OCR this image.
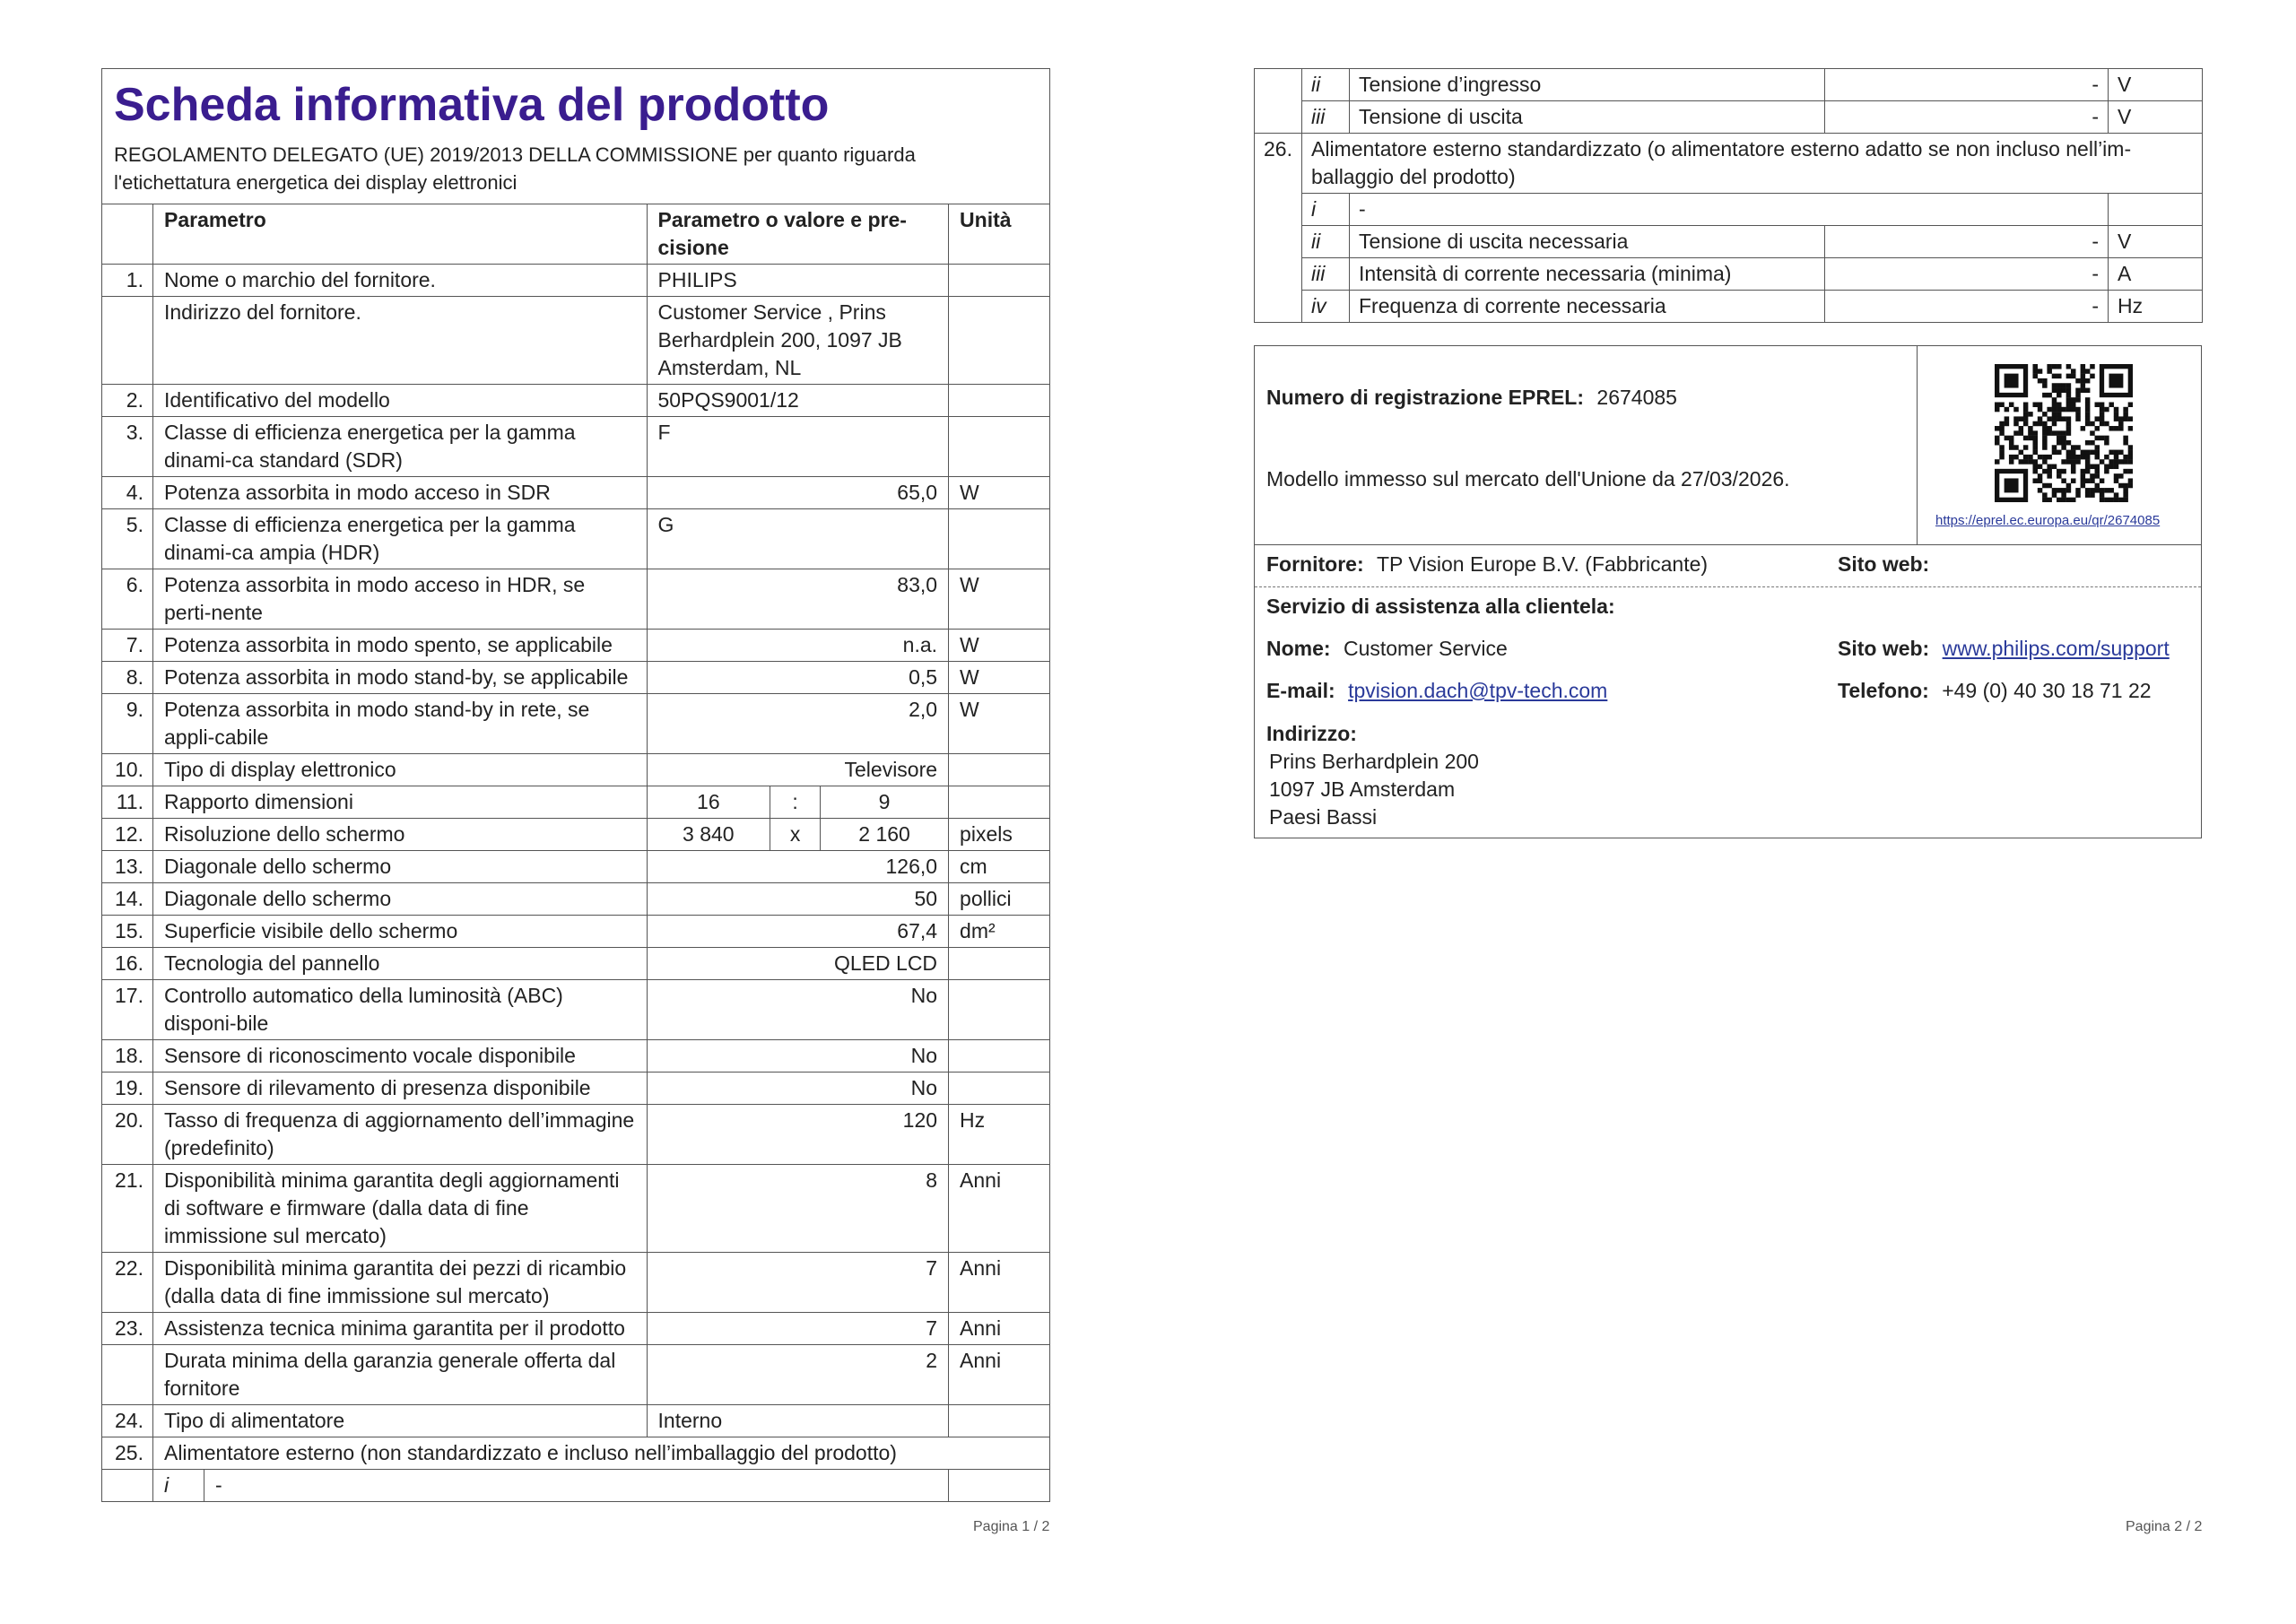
Scheda informativa del prodotto
REGOLAMENTO DELEGATO (UE) 2019/2013 DELLA COMMISSIONE per quanto riguarda l'etichettatura energetica dei display elettronici
	Parametro		Parametro o valore e pre-cisione			Unità
1.	Nome o marchio del fornitore.		PHILIPS			
	Indirizzo del fornitore.		Customer Service , Prins Berhardplein 200, 1097 JB Amsterdam, NL			
2.	Identificativo del modello		50PQS9001/12			
3.	Classe di efficienza energetica per la gamma dinami-ca standard (SDR)		F			
4.	Potenza assorbita in modo acceso in SDR		65,0			W
5.	Classe di efficienza energetica per la gamma dinami-ca ampia (HDR)		G			
6.	Potenza assorbita in modo acceso in HDR, se perti-nente		83,0			W
7.	Potenza assorbita in modo spento, se applicabile		n.a.			W
8.	Potenza assorbita in modo stand-by, se applicabile		0,5			W
9.	Potenza assorbita in modo stand-by in rete, se appli-cabile		2,0			W
10.	Tipo di display elettronico		Televisore			
11.	Rapporto dimensioni		16	:	9	
12.	Risoluzione dello schermo		3 840	x	2 160	pixels
13.	Diagonale dello schermo		126,0			cm
14.	Diagonale dello schermo		50			pollici
15.	Superficie visibile dello schermo		67,4			dm²
16.	Tecnologia del pannello		QLED LCD			
17.	Controllo automatico della luminosità (ABC) disponi-bile		No			
18.	Sensore di riconoscimento vocale disponibile		No			
19.	Sensore di rilevamento di presenza disponibile		No			
20.	Tasso di frequenza di aggiornamento dell’immagine (predefinito)		120			Hz
21.	Disponibilità minima garantita degli aggiornamenti di software e firmware (dalla data di fine immissione sul mercato)		8			Anni
22.	Disponibilità minima garantita dei pezzi di ricambio (dalla data di fine immissione sul mercato)		7			Anni
23.	Assistenza tecnica minima garantita per il prodotto		7			Anni
	Durata minima della garanzia generale offerta dal fornitore		2			Anni
24.	Tipo di alimentatore		Interno			
25.	Alimentatore esterno (non standardizzato e incluso nell’imballaggio del prodotto)					
	i	-				
Pagina 1 / 2
	ii	Tensione d’ingresso	-	V
	iii	Tensione di uscita	-	V
26.	Alimentatore esterno standardizzato (o alimentatore esterno adatto se non incluso nell’im-ballaggio del prodotto)			
	i	-		
	ii	Tensione di uscita necessaria	-	V
	iii	Intensità di corrente necessaria (minima)	-	A
	iv	Frequenza di corrente necessaria	-	Hz
Numero di registrazione EPREL: 2674085
Modello immesso sul mercato dell'Unione da 27/03/2026.
https://eprel.ec.europa.eu/qr/2674085
Fornitore: TP Vision Europe B.V. (Fabbricante)	Sito web:
Servizio di assistenza alla clientela:
Nome: Customer Service	Sito web: www.philips.com/support
E-mail: tpvision.dach@tpv-tech.com	Telefono: +49 (0) 40 30 18 71 22
Indirizzo:
Prins Berhardplein 200
1097 JB Amsterdam
Paesi Bassi
Pagina 2 / 2
